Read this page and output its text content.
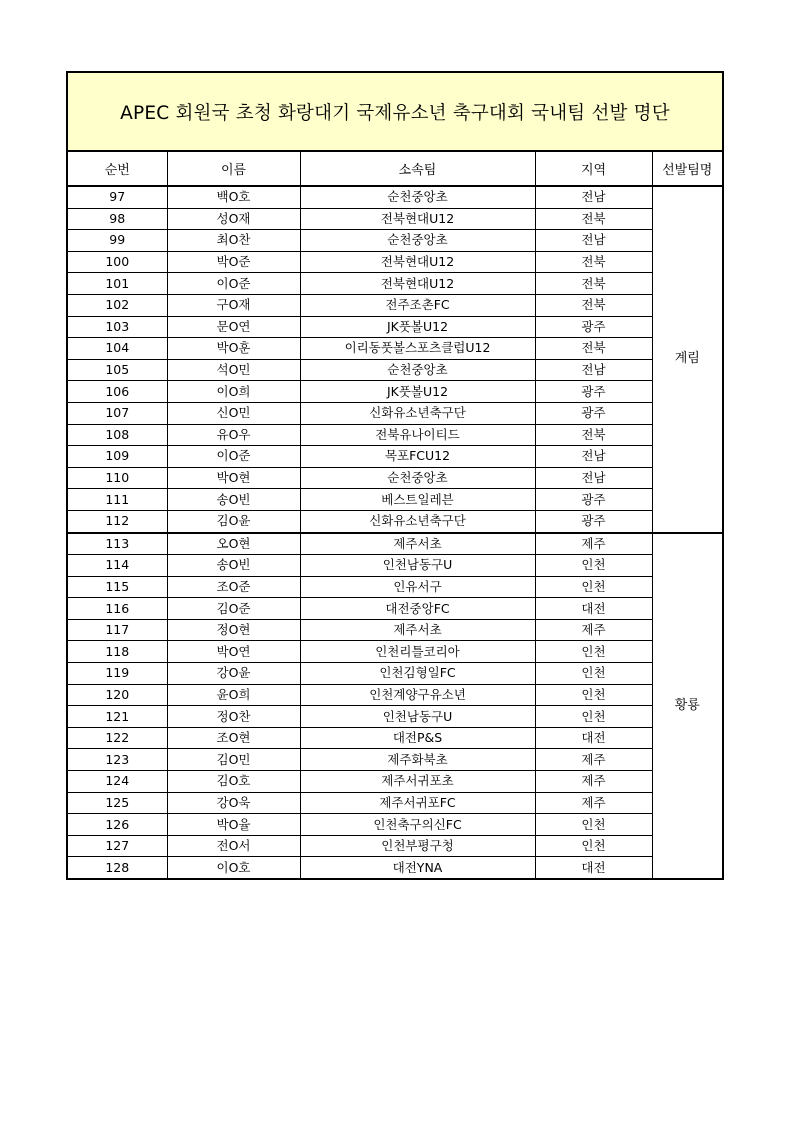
APEC 회원국 초청 화랑대기 국제유소년 축구대회 국내팀 선발 명단
순번	이름	소속팀	지역	선발팀명
97	백O호	순천중앙초	전남	계림
98	성O재	전북현대U12	전북	
99	최O찬	순천중앙초	전남	
100	박O준	전북현대U12	전북	
101	이O준	전북현대U12	전북	
102	구O재	전주조촌FC	전북	
103	문O연	JK풋볼U12	광주	
104	박O훈	이리동풋볼스포츠클럽U12	전북	
105	석O민	순천중앙초	전남	
106	이O희	JK풋볼U12	광주	
107	신O민	신화유소년축구단	광주	
108	유O우	전북유나이티드	전북	
109	이O준	목포FCU12	전남	
110	박O현	순천중앙초	전남	
111	송O빈	베스트일레븐	광주	
112	김O윤	신화유소년축구단	광주	
113	오O현	제주서초	제주	황룡
114	송O빈	인천남동구U	인천	
115	조O준	인유서구	인천	
116	김O준	대전중앙FC	대전	
117	정O현	제주서초	제주	
118	박O연	인천리틀코리아	인천	
119	강O윤	인천김형일FC	인천	
120	윤O희	인천계양구유소년	인천	
121	정O찬	인천남동구U	인천	
122	조O현	대전P&S	대전	
123	김O민	제주화북초	제주	
124	김O호	제주서귀포초	제주	
125	강O욱	제주서귀포FC	제주	
126	박O율	인천축구의신FC	인천	
127	전O서	인천부평구청	인천	
128	이O호	대전YNA	대전	
